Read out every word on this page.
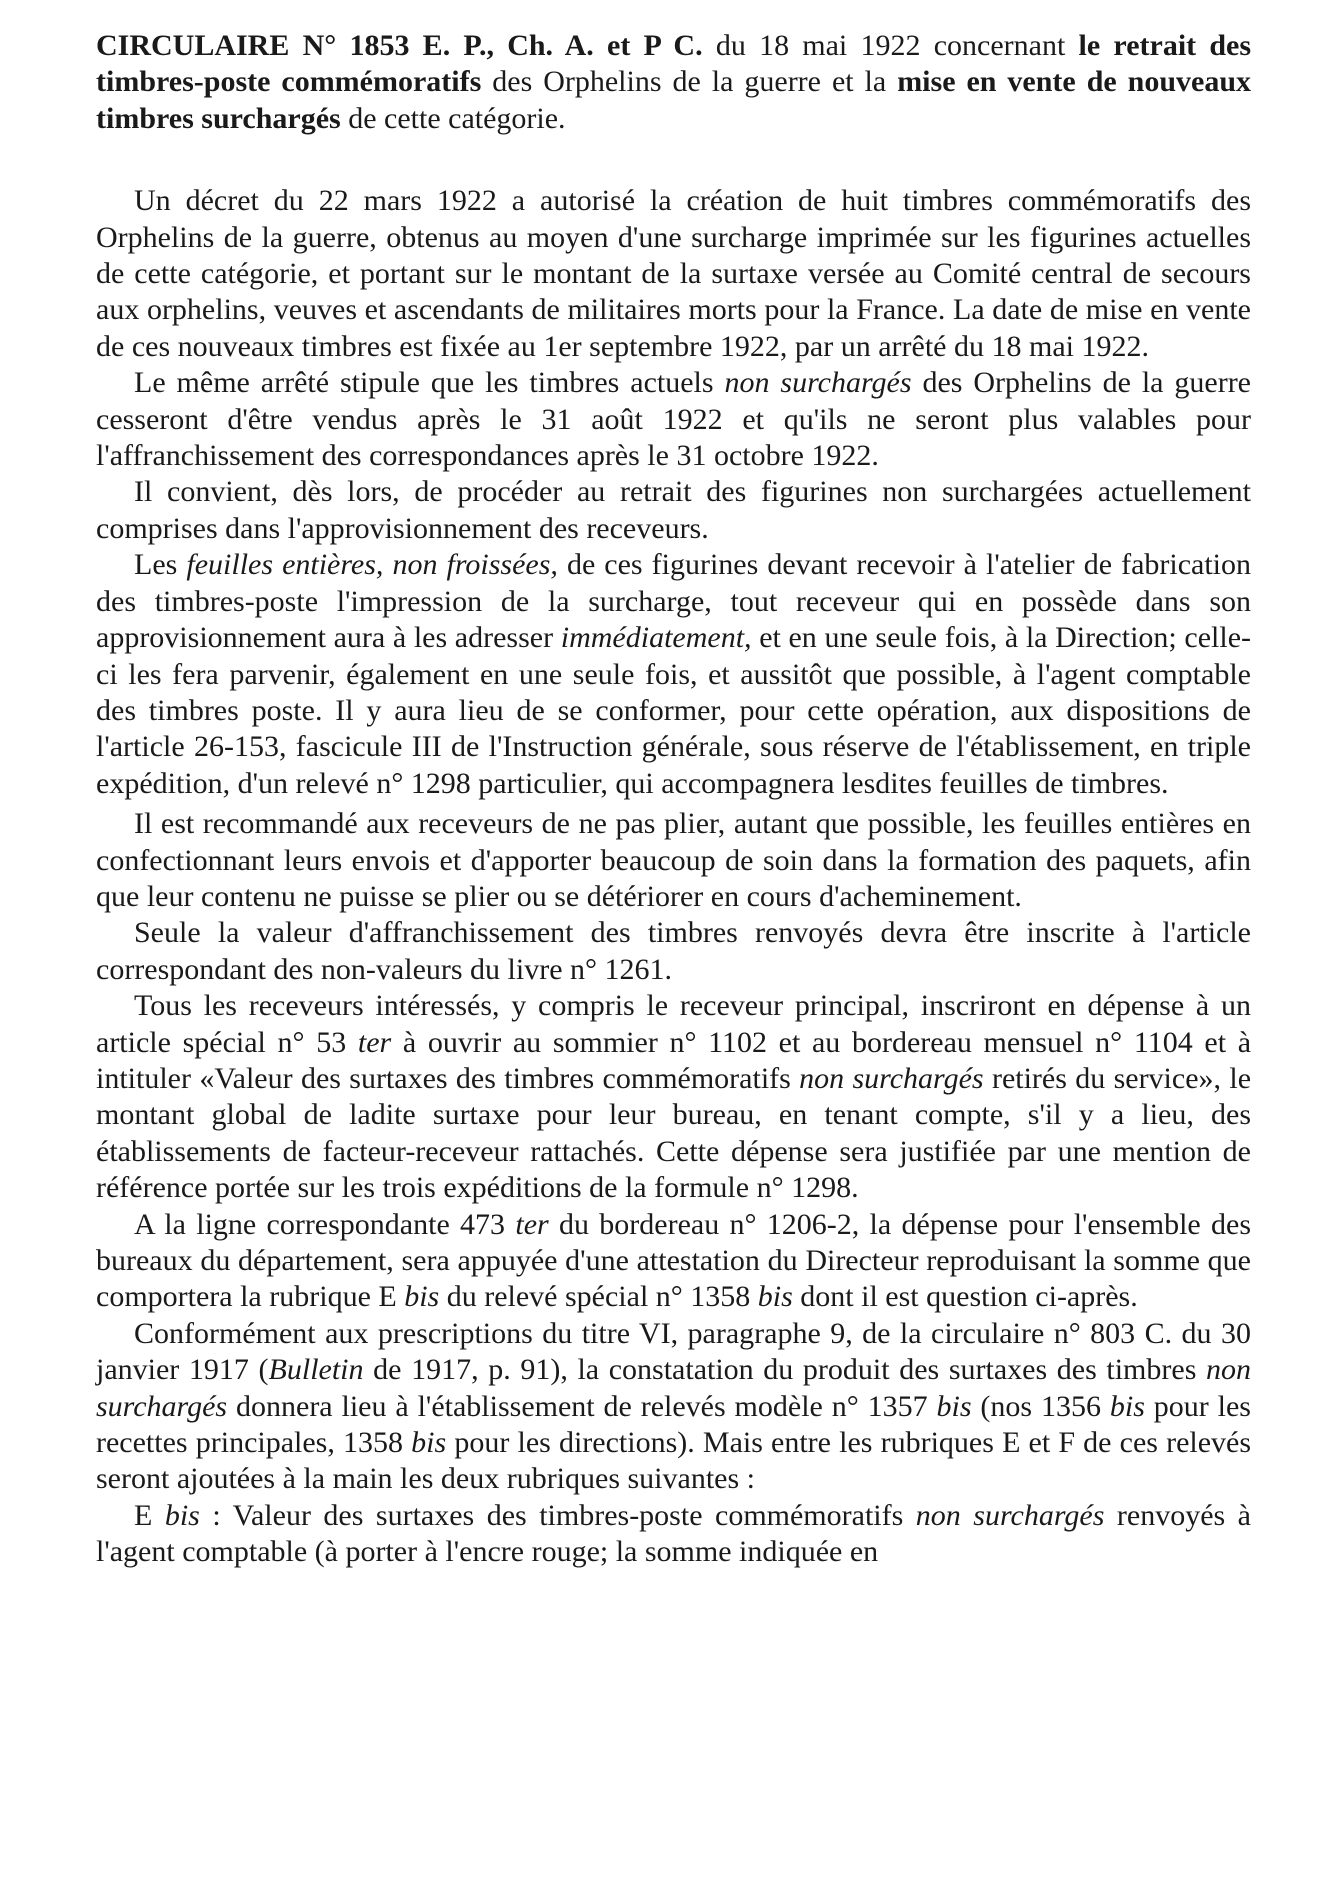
CIRCULAIRE N° 1853 E. P., Ch. A. et P C. du 18 mai 1922 concernant le retrait des timbres-poste commémoratifs des Orphelins de la guerre et la mise en vente de nouveaux timbres surchargés de cette catégorie.

Un décret du 22 mars 1922 a autorisé la création de huit timbres commémoratifs des Orphelins de la guerre, obtenus au moyen d'une surcharge imprimée sur les figurines actuelles de cette catégorie, et portant sur le montant de la surtaxe versée au Comité central de secours aux orphelins, veuves et ascendants de militaires morts pour la France. La date de mise en vente de ces nouveaux timbres est fixée au 1er septembre 1922, par un arrêté du 18 mai 1922.

Le même arrêté stipule que les timbres actuels non surchargés des Orphelins de la guerre cesseront d'être vendus après le 31 août 1922 et qu'ils ne seront plus valables pour l'affranchissement des correspondances après le 31 octobre 1922.

Il convient, dès lors, de procéder au retrait des figurines non surchargées actuellement comprises dans l'approvisionnement des receveurs.

Les feuilles entières, non froissées, de ces figurines devant recevoir à l'atelier de fabrication des timbres-poste l'impression de la surcharge, tout receveur qui en possède dans son approvisionnement aura à les adresser immédiatement, et en une seule fois, à la Direction; celle-ci les fera parvenir, également en une seule fois, et aussitôt que possible, à l'agent comptable des timbres poste. Il y aura lieu de se conformer, pour cette opération, aux dispositions de l'article 26-153, fascicule III de l'Instruction générale, sous réserve de l'établissement, en triple expédition, d'un relevé n° 1298 particulier, qui accompagnera lesdites feuilles de timbres.

Il est recommandé aux receveurs de ne pas plier, autant que possible, les feuilles entières en confectionnant leurs envois et d'apporter beaucoup de soin dans la formation des paquets, afin que leur contenu ne puisse se plier ou se détériorer en cours d'acheminement.

Seule la valeur d'affranchissement des timbres renvoyés devra être inscrite à l'article correspondant des non-valeurs du livre n° 1261.

Tous les receveurs intéressés, y compris le receveur principal, inscriront en dépense à un article spécial n° 53 ter à ouvrir au sommier n° 1102 et au bordereau mensuel n° 1104 et à intituler «Valeur des surtaxes des timbres commémoratifs non surchargés retirés du service», le montant global de ladite surtaxe pour leur bureau, en tenant compte, s'il y a lieu, des établissements de facteur-receveur rattachés. Cette dépense sera justifiée par une mention de référence portée sur les trois expéditions de la formule n° 1298.

A la ligne correspondante 473 ter du bordereau n° 1206-2, la dépense pour l'ensemble des bureaux du département, sera appuyée d'une attestation du Directeur reproduisant la somme que comportera la rubrique E bis du relevé spécial n° 1358 bis dont il est question ci-après.

Conformément aux prescriptions du titre VI, paragraphe 9, de la circulaire n° 803 C. du 30 janvier 1917 (Bulletin de 1917, p. 91), la constatation du produit des surtaxes des timbres non surchargés donnera lieu à l'établissement de relevés modèle n° 1357 bis (nos 1356 bis pour les recettes principales, 1358 bis pour les directions). Mais entre les rubriques E et F de ces relevés seront ajoutées à la main les deux rubriques suivantes :

E bis : Valeur des surtaxes des timbres-poste commémoratifs non surchargés renvoyés à l'agent comptable (à porter à l'encre rouge; la somme indiquée en
